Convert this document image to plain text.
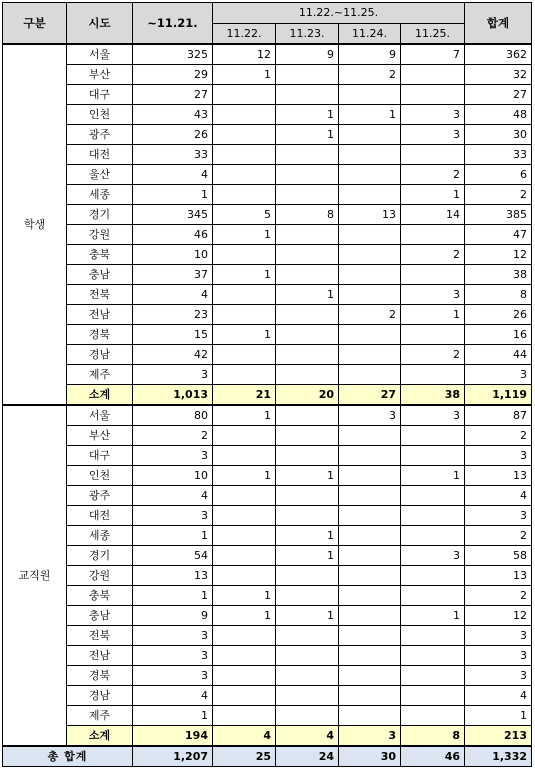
구분	시도	~11.21.	11.22.~11.25.				합계
			11.22.	11.23.	11.24.	11.25.	
학생	서울	325	12	9	9	7	362
	부산	29	1		2		32
	대구	27					27
	인천	43		1	1	3	48
	광주	26		1		3	30
	대전	33					33
	울산	4				2	6
	세종	1				1	2
	경기	345	5	8	13	14	385
	강원	46	1				47
	충북	10				2	12
	충남	37	1				38
	전북	4		1		3	8
	전남	23			2	1	26
	경북	15	1				16
	경남	42				2	44
	제주	3					3
	소계	1,013	21	20	27	38	1,119
교직원	서울	80	1		3	3	87
	부산	2					2
	대구	3					3
	인천	10	1	1		1	13
	광주	4					4
	대전	3					3
	세종	1		1			2
	경기	54		1		3	58
	강원	13					13
	충북	1	1				2
	충남	9	1	1		1	12
	전북	3					3
	전남	3					3
	경북	3					3
	경남	4					4
	제주	1					1
	소계	194	4	4	3	8	213
총 합계		1,207	25	24	30	46	1,332
